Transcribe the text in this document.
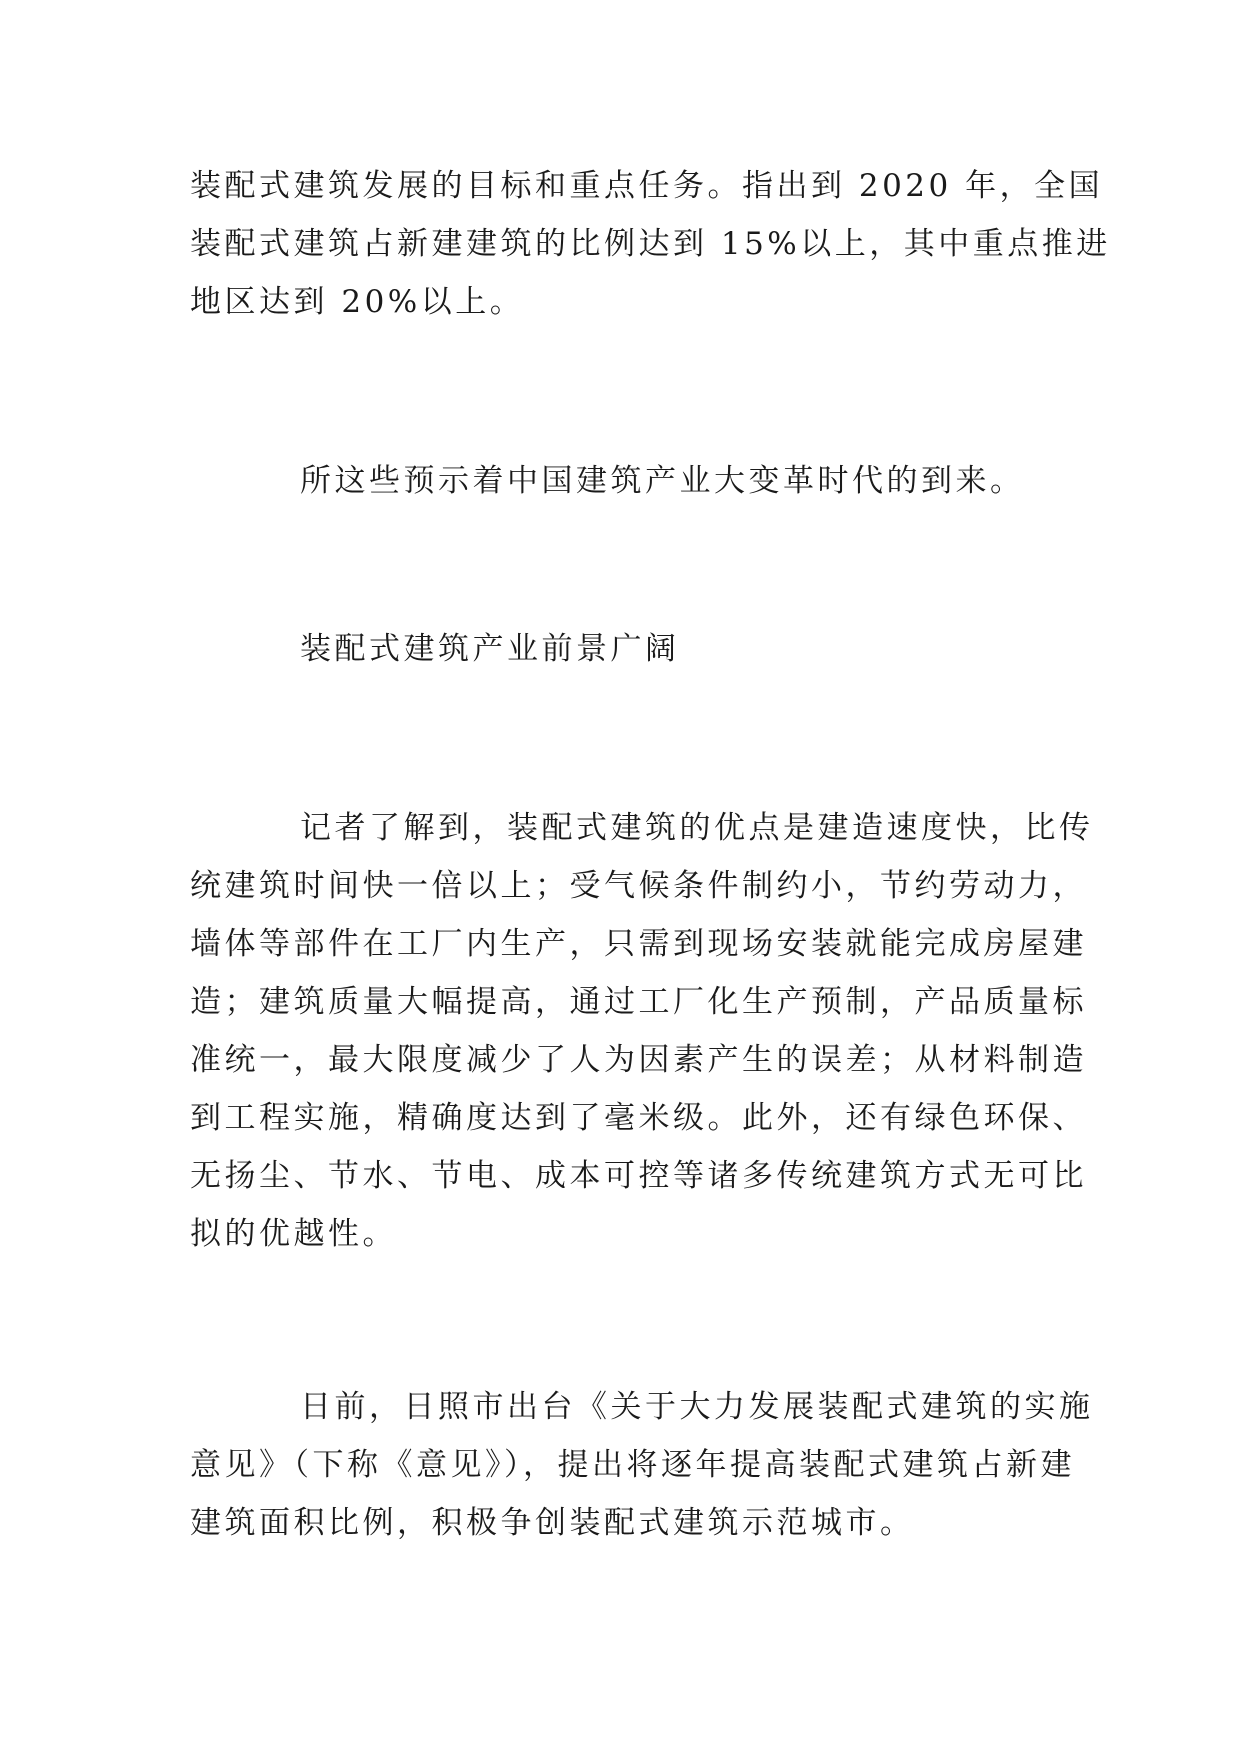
装配式建筑发展的目标和重点任务。指出到 2020 年，全国
装配式建筑占新建建筑的比例达到 15%以上，其中重点推进
地区达到 20%以上。
所这些预示着中国建筑产业大变革时代的到来。
装配式建筑产业前景广阔
记者了解到，装配式建筑的优点是建造速度快，比传
统建筑时间快一倍以上；受气候条件制约小，节约劳动力，
墙体等部件在工厂内生产，只需到现场安装就能完成房屋建
造；建筑质量大幅提高，通过工厂化生产预制，产品质量标
准统一，最大限度减少了人为因素产生的误差；从材料制造
到工程实施，精确度达到了毫米级。此外，还有绿色环保、
无扬尘、节水、节电、成本可控等诸多传统建筑方式无可比
拟的优越性。
日前，日照市出台《关于大力发展装配式建筑的实施
意见》（下称《意见》），提出将逐年提高装配式建筑占新建
建筑面积比例，积极争创装配式建筑示范城市。
